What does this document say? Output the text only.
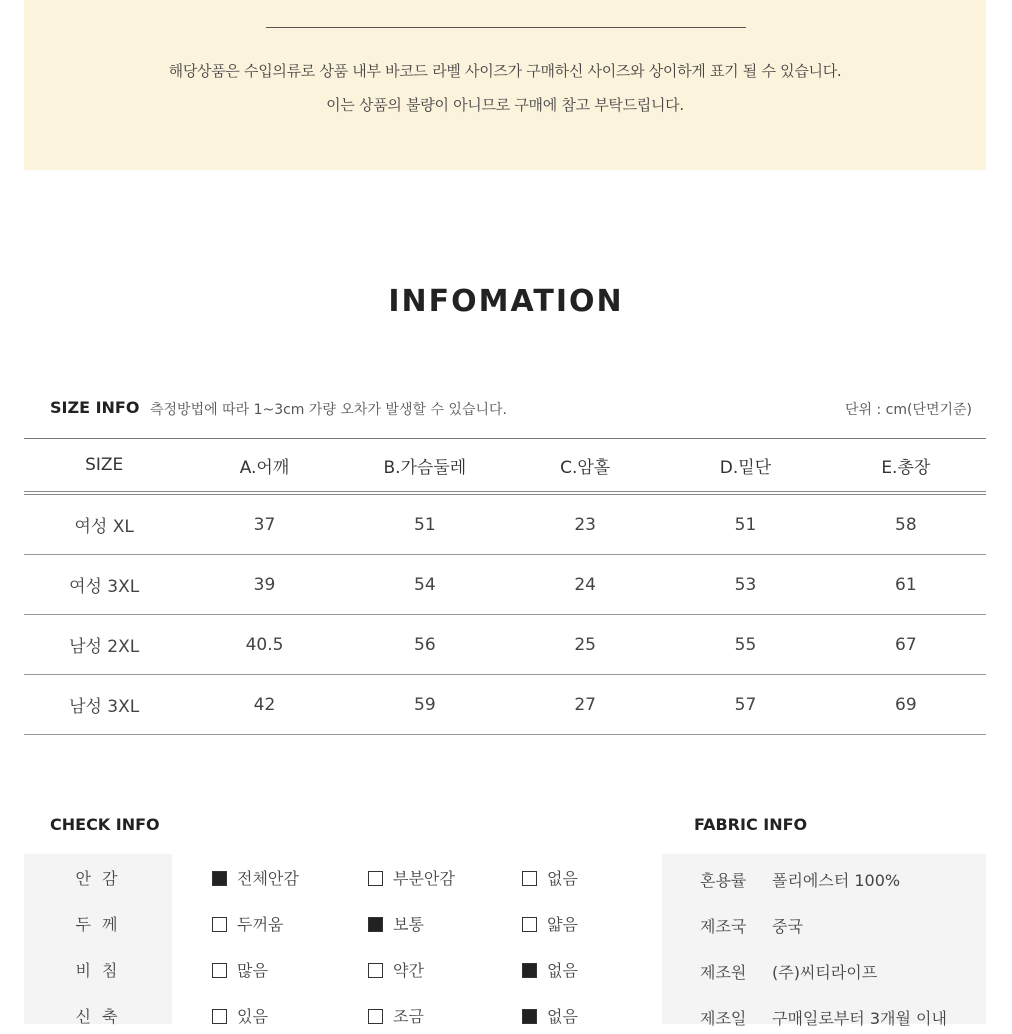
해당상품은 수입의류로 상품 내부 바코드 라벨 사이즈가 구매하신 사이즈와 상이하게 표기 될 수 있습니다.
이는 상품의 불량이 아니므로 구매에 참고 부탁드립니다.
INFOMATION
SIZE INFO 측정방법에 따라 1~3cm 가량 오차가 발생할 수 있습니다.	단위 : cm(단면기준)
SIZE	A.어깨	B.가슴둘레	C.암홀	D.밑단	E.총장
여성 XL	37	51	23	51	58
여성 3XL	39	54	24	53	61
남성 2XL	40.5	56	25	55	67
남성 3XL	42	59	27	57	69
CHECK INFO	FABRIC INFO
안 감	전체안감	부분안감	없음
두 께	두꺼움	보통	얇음
비 침	많음	약간	없음
신 축	있음	조금	없음
혼용률 폴리에스터 100%
제조국 중국
제조원 (주)씨티라이프
제조일 구매일로부터 3개월 이내
